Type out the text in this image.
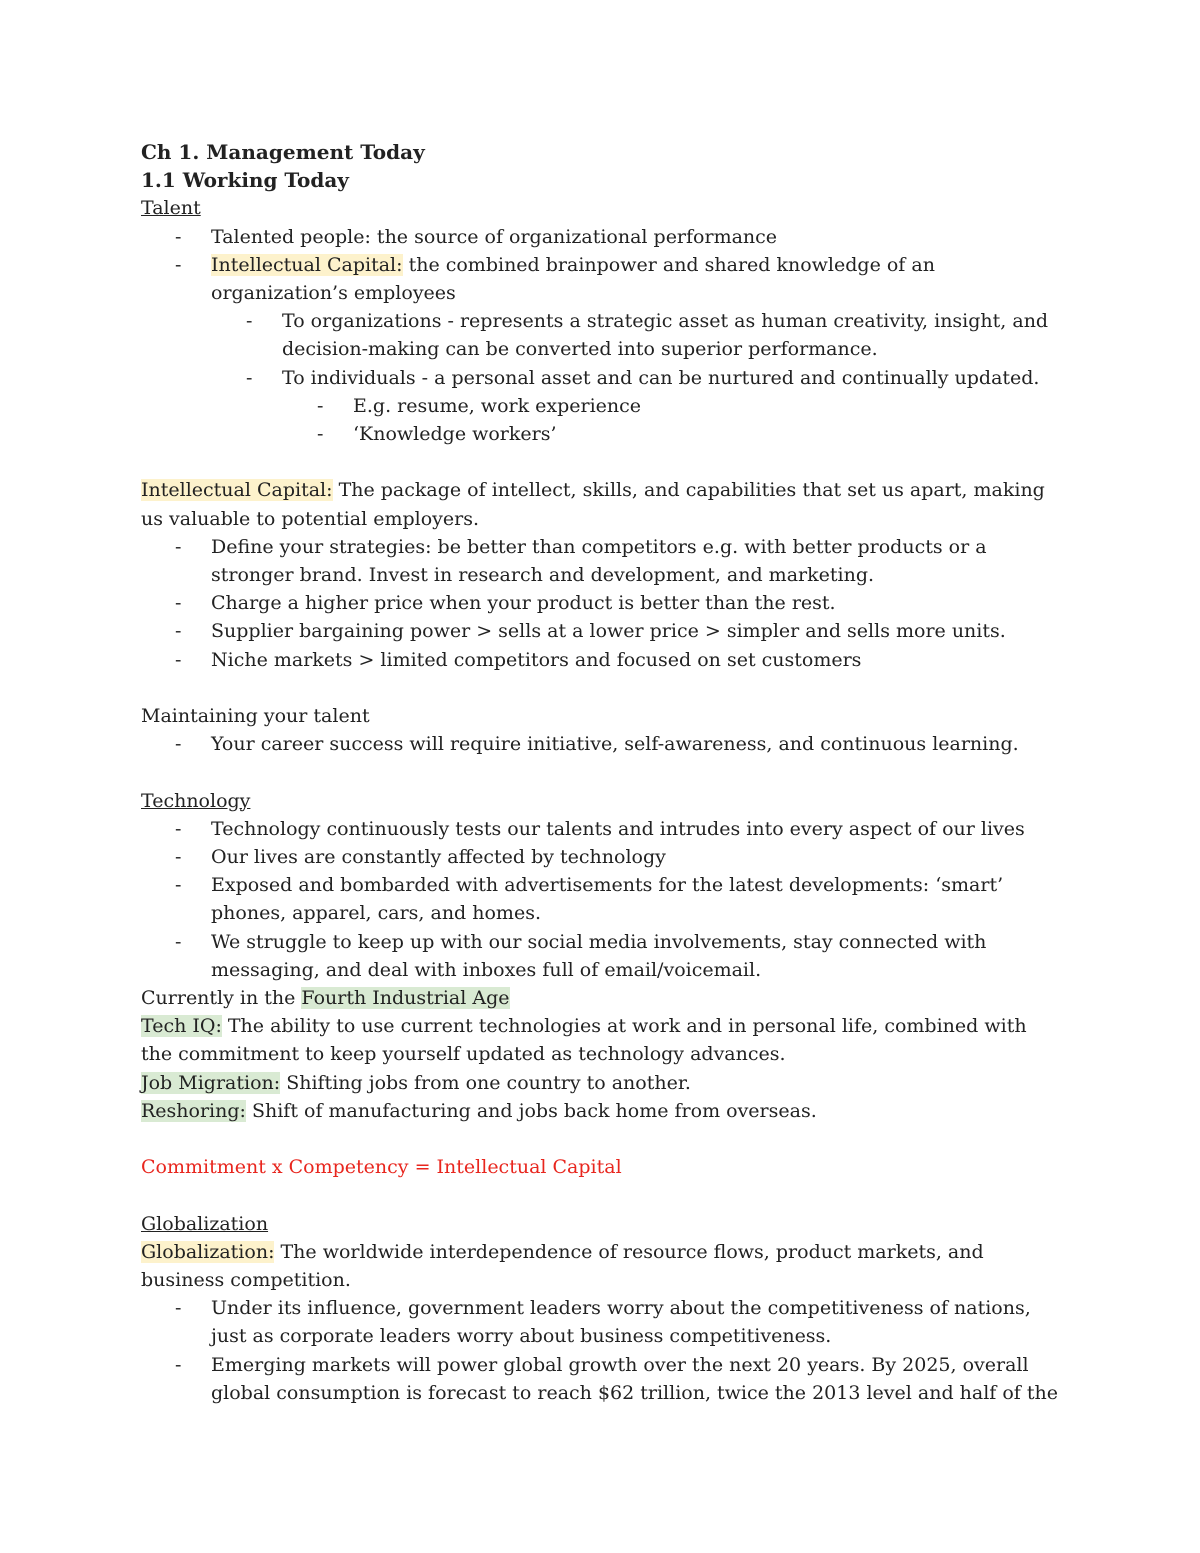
Ch 1. Management Today

1.1 Working Today

Talent

- Talented people: the source of organizational performance
- Intellectual Capital: the combined brainpower and shared knowledge of an organization’s employees
- To organizations - represents a strategic asset as human creativity, insight, and decision-making can be converted into superior performance.
- To individuals - a personal asset and can be nurtured and continually updated.
- E.g. resume, work experience
- ‘Knowledge workers’

Intellectual Capital: The package of intellect, skills, and capabilities that set us apart, making us valuable to potential employers.

- Define your strategies: be better than competitors e.g. with better products or a stronger brand. Invest in research and development, and marketing.
- Charge a higher price when your product is better than the rest.
- Supplier bargaining power > sells at a lower price > simpler and sells more units.
- Niche markets > limited competitors and focused on set customers

Maintaining your talent

- Your career success will require initiative, self-awareness, and continuous learning.

Technology

- Technology continuously tests our talents and intrudes into every aspect of our lives
- Our lives are constantly affected by technology
- Exposed and bombarded with advertisements for the latest developments: ‘smart’ phones, apparel, cars, and homes.
- We struggle to keep up with our social media involvements, stay connected with messaging, and deal with inboxes full of email/voicemail.

Currently in the Fourth Industrial Age

Tech IQ: The ability to use current technologies at work and in personal life, combined with the commitment to keep yourself updated as technology advances.

Job Migration: Shifting jobs from one country to another.

Reshoring: Shift of manufacturing and jobs back home from overseas.

Commitment x Competency = Intellectual Capital

Globalization

Globalization: The worldwide interdependence of resource flows, product markets, and business competition.

- Under its influence, government leaders worry about the competitiveness of nations, just as corporate leaders worry about business competitiveness.
- Emerging markets will power global growth over the next 20 years. By 2025, overall global consumption is forecast to reach $62 trillion, twice the 2013 level and half of the
